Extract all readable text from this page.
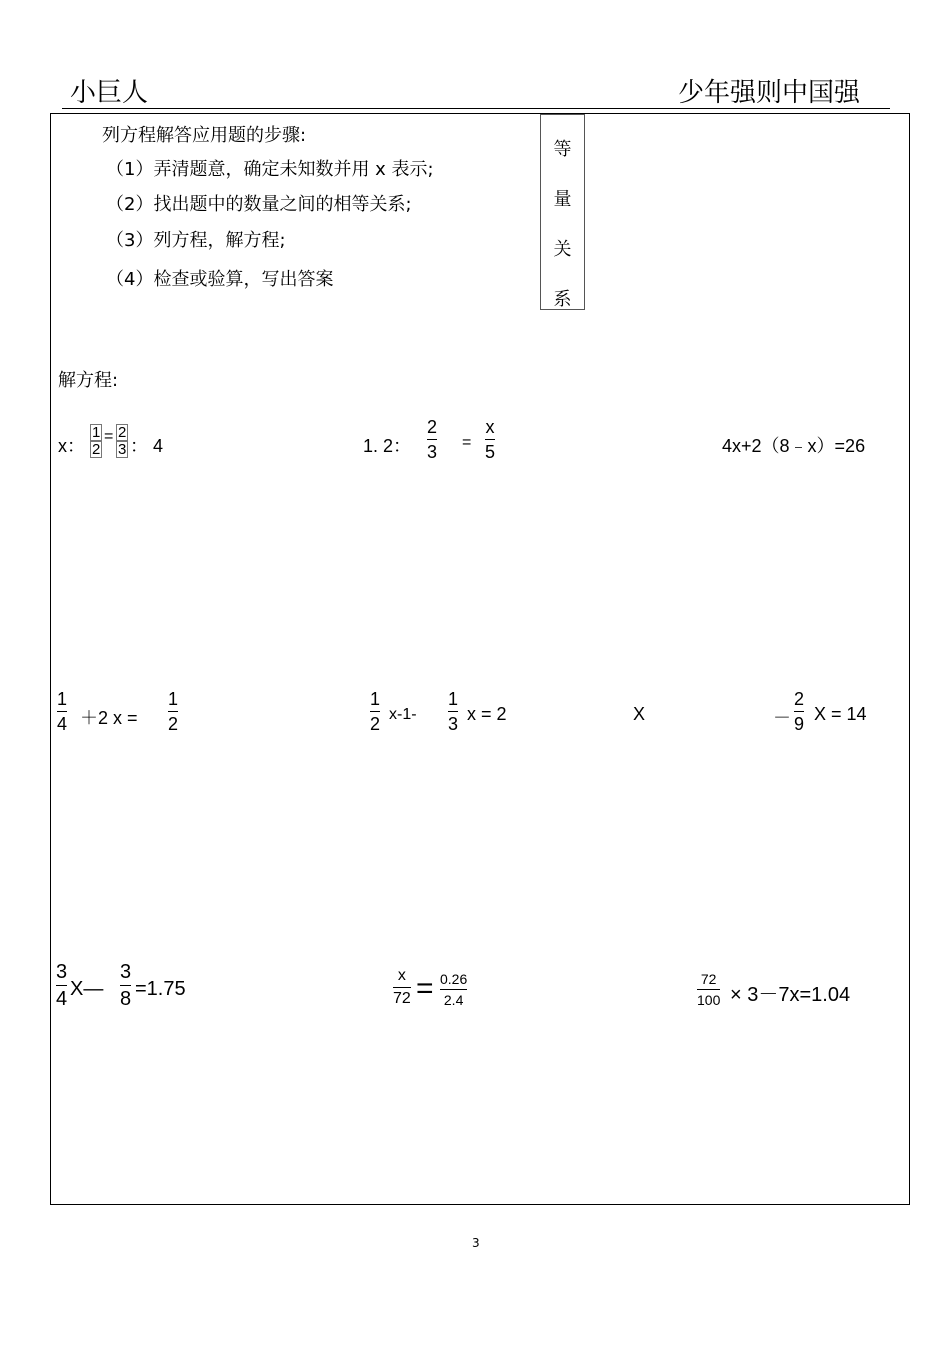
小巨人	少年强则中国强
列方程解答应用题的步骤:
（1）弄清题意，确定未知数并用 x 表示;
（2）找出题中的数量之间的相等关系;
（3）列方程，解方程;
（4）检查或验算，写出答案
等
量
关
系
解方程:
x： $\frac{1}{2} = \frac{2}{3}$ ： 4	1. 2：
2
3 =
x
5	4x+2（8﹣x）=26
1
4 ＋2 x =
1
2
1
2 x-1-
1
3 x = 2	X	－
2
9 X = 14
3
4 X—
3
8 =1.75
x
72 = 0.26
2.4
72
100 × 3－7x=1.04
3
